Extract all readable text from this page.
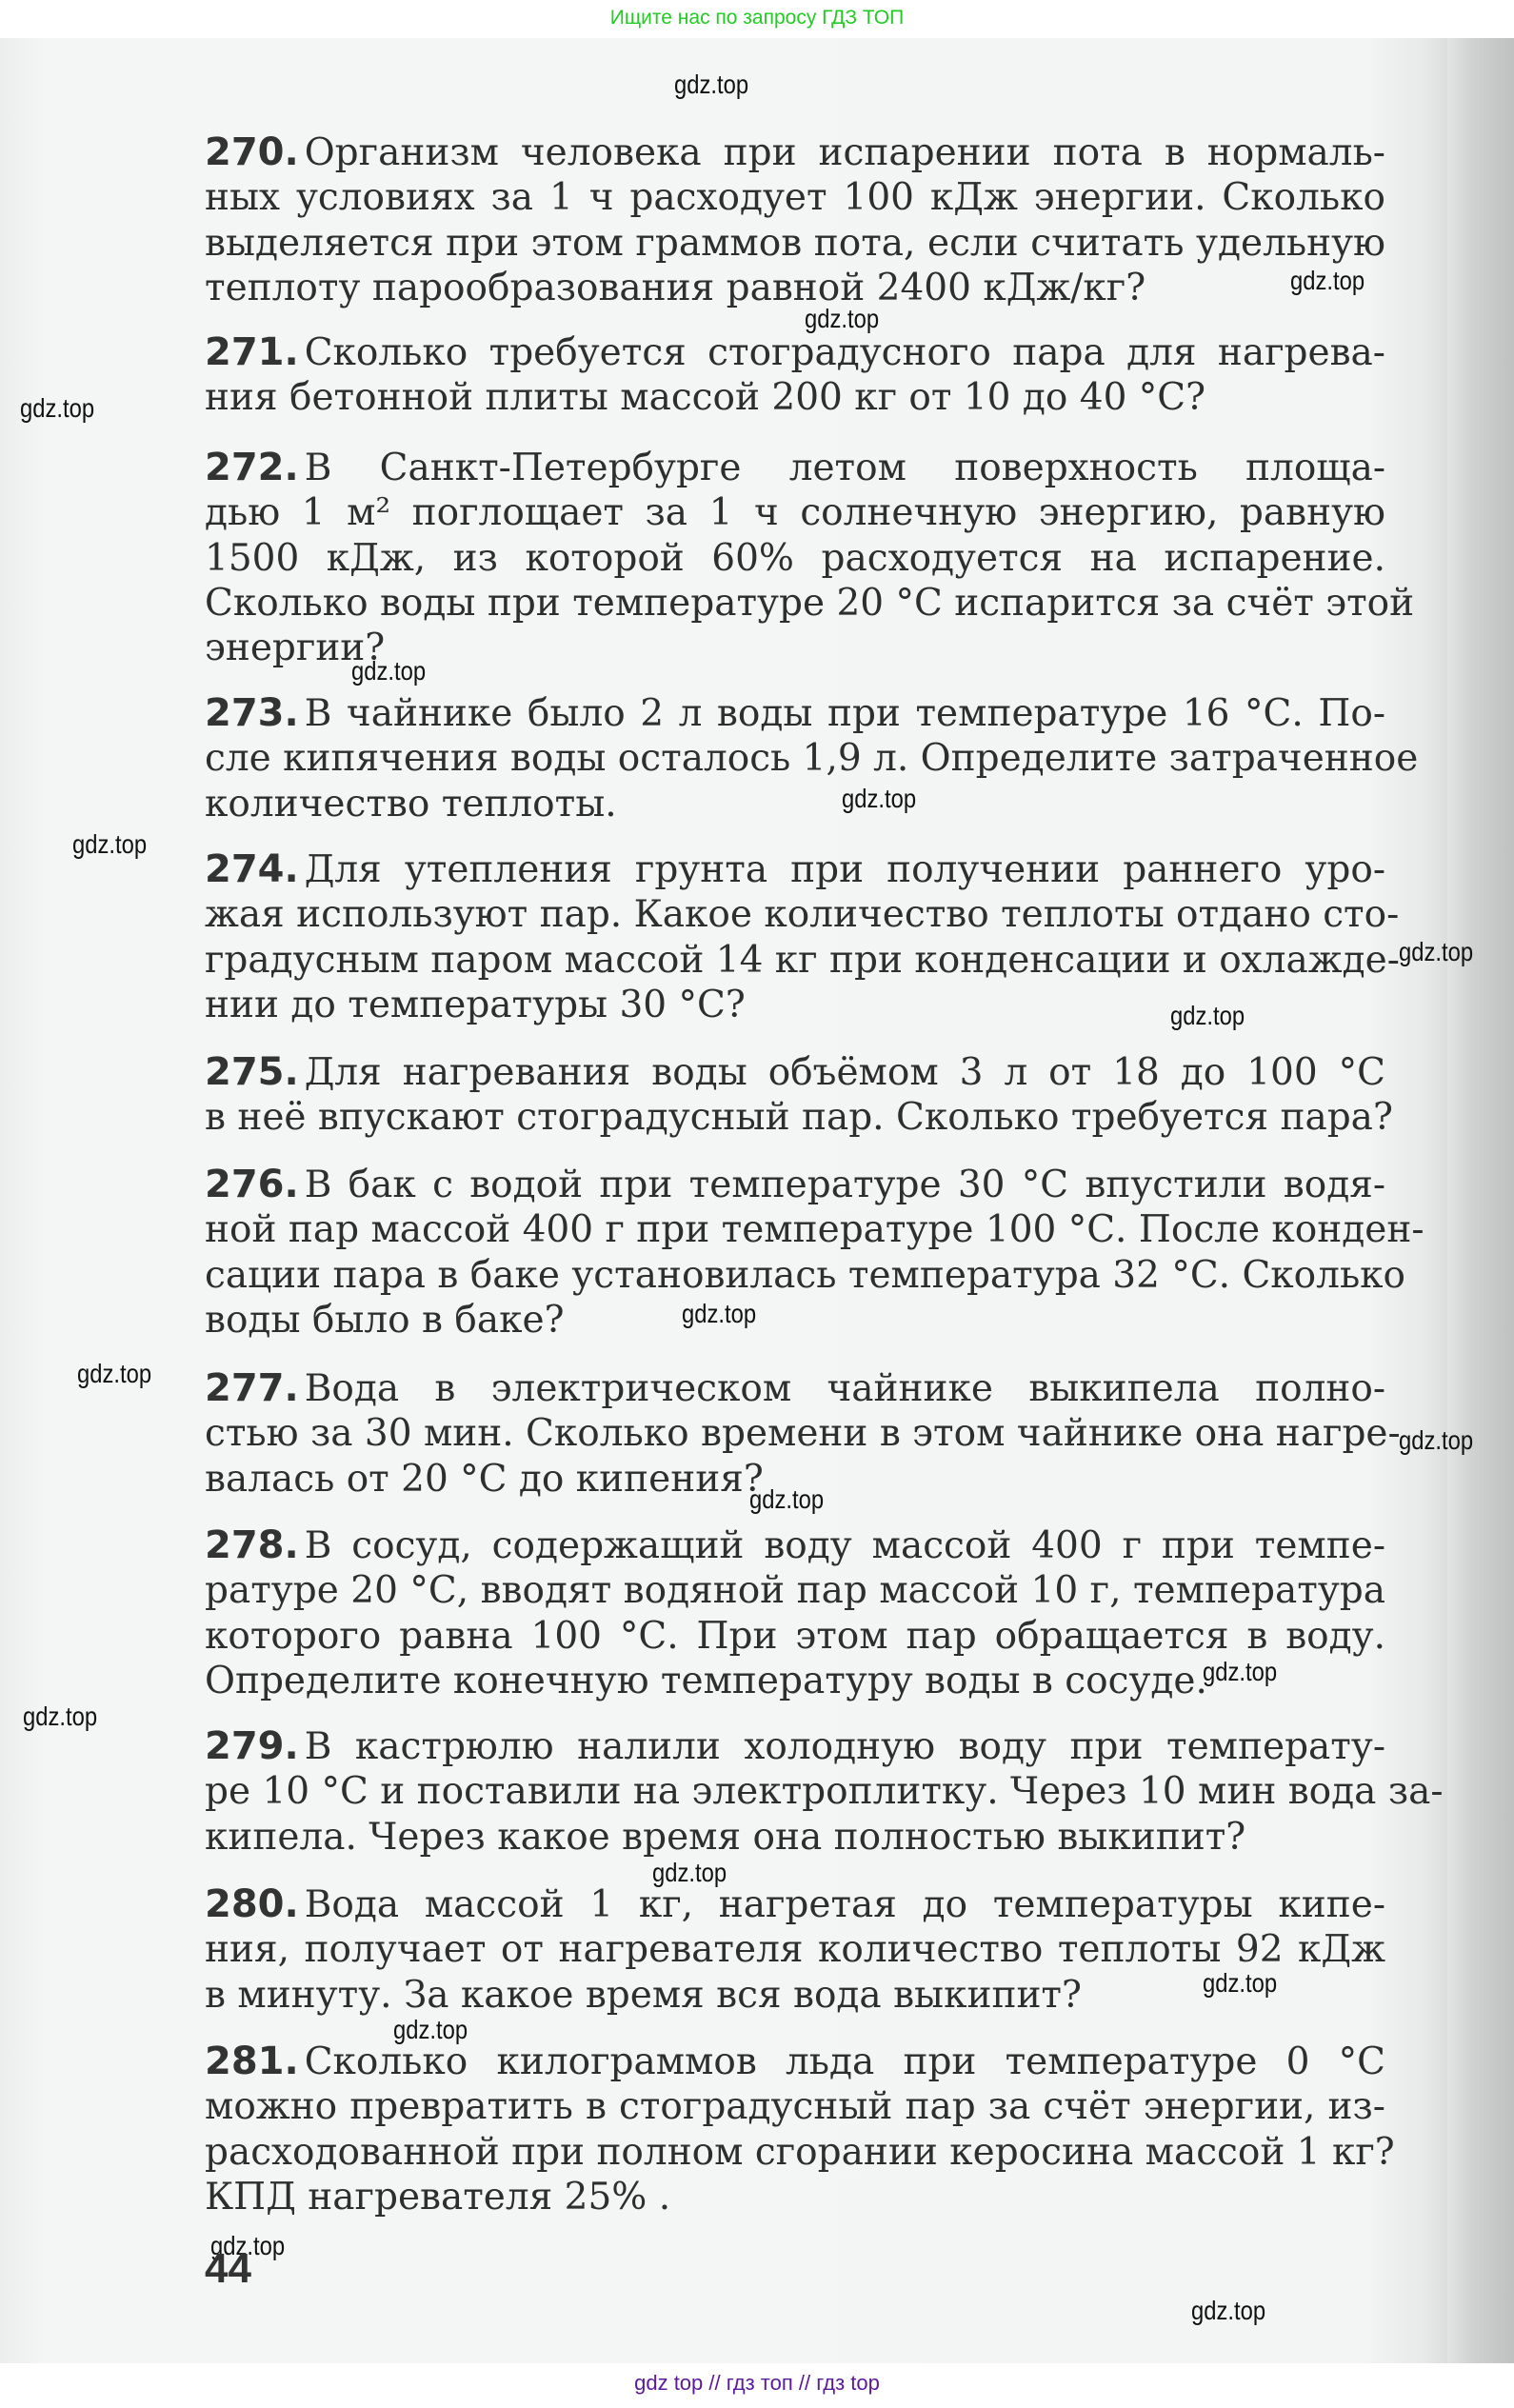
Ищите нас по запросу ГДЗ ТОП
270. Организм человека при испарении пота в нормаль-
ных условиях за 1 ч расходует 100 кДж энергии. Сколько
выделяется при этом граммов пота, если считать удельную
теплоту парообразования равной 2400 кДж/кг?
271. Сколько требуется стоградусного пара для нагрева-
ния бетонной плиты массой 200 кг от 10 до 40 °С?
272. В Санкт-Петербурге летом поверхность площа-
дью 1 м² поглощает за 1 ч солнечную энергию, равную
1500 кДж, из которой 60% расходуется на испарение.
Сколько воды при температуре 20 °С испарится за счёт этой
энергии?
273. В чайнике было 2 л воды при температуре 16 °С. По-
сле кипячения воды осталось 1,9 л. Определите затраченное
количество теплоты.
274. Для утепления грунта при получении раннего уро-
жая используют пар. Какое количество теплоты отдано сто-
градусным паром массой 14 кг при конденсации и охлажде-
нии до температуры 30 °С?
275. Для нагревания воды объёмом 3 л от 18 до 100 °С
в неё впускают стоградусный пар. Сколько требуется пара?
276. В бак с водой при температуре 30 °С впустили водя-
ной пар массой 400 г при температуре 100 °С. После конден-
сации пара в баке установилась температура 32 °С. Сколько
воды было в баке?
277. Вода в электрическом чайнике выкипела полно-
стью за 30 мин. Сколько времени в этом чайнике она нагре-
валась от 20 °С до кипения?
278. В сосуд, содержащий воду массой 400 г при темпе-
ратуре 20 °С, вводят водяной пар массой 10 г, температура
которого равна 100 °С. При этом пар обращается в воду.
Определите конечную температуру воды в сосуде.
279. В кастрюлю налили холодную воду при температу-
ре 10 °С и поставили на электроплитку. Через 10 мин вода за-
кипела. Через какое время она полностью выкипит?
280. Вода массой 1 кг, нагретая до температуры кипе-
ния, получает от нагревателя количество теплоты 92 кДж
в минуту. За какое время вся вода выкипит?
281. Сколько килограммов льда при температуре 0 °С
можно превратить в стоградусный пар за счёт энергии, из-
расходованной при полном сгорании керосина массой 1 кг?
КПД нагревателя 25% .
gdz.top
gdz.top
gdz.top
gdz.top
gdz.top
gdz.top
gdz.top
gdz.top
gdz.top
gdz.top
gdz.top
gdz.top
gdz.top
gdz.top
gdz.top
gdz.top
gdz.top
gdz.top
gdz.top
gdz.top
44
gdz top // гдз топ // гдз top
